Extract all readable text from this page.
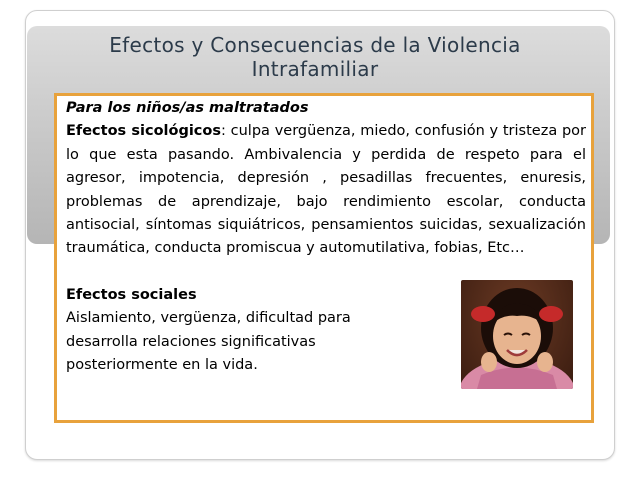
Efectos y Consecuencias de la Violencia
Intrafamiliar
Para los niños/as maltratados

Efectos sicológicos: culpa vergüenza, miedo, confusión y tristeza por lo que esta pasando. Ambivalencia y perdida de respeto para el agresor, impotencia, depresión , pesadillas frecuentes, enuresis, problemas de aprendizaje, bajo rendimiento escolar, conducta antisocial, síntomas siquiátricos, pensamientos suicidas, sexualización traumática, conducta promiscua y automutilativa, fobias, Etc…

Efectos sociales

Aislamiento, vergüenza, dificultad para desarrolla relaciones significativas posteriormente en la vida.
